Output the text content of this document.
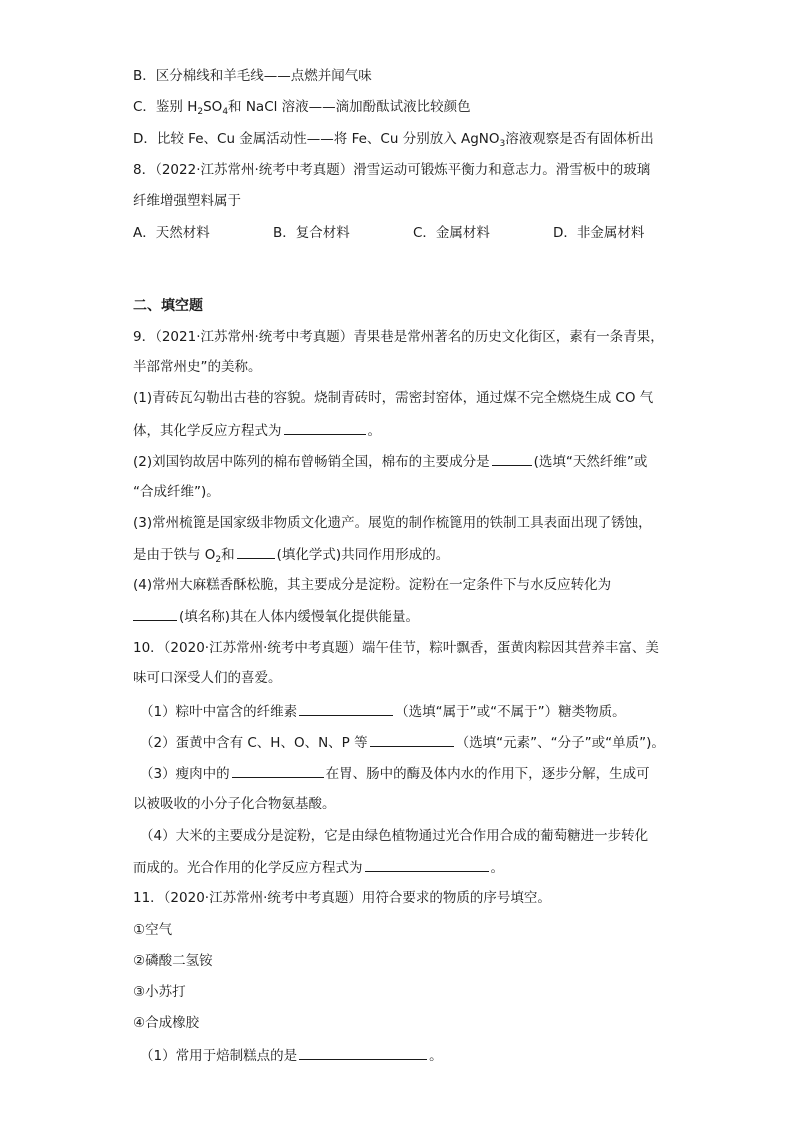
B．区分棉线和羊毛线——点燃并闻气味
C．鉴别 $H_2SO_4$和 NaCl 溶液——滴加酚酞试液比较颜色
D．比较 Fe、Cu 金属活动性——将 Fe、Cu 分别放入 AgNO$_3$溶液观察是否有固体析出
8．（2022·江苏常州·统考中考真题）滑雪运动可锻炼平衡力和意志力。滑雪板中的玻璃
纤维增强塑料属于
A．天然材料	B．复合材料	C．金属材料	D．非金属材料
二、填空题
9．（2021·江苏常州·统考中考真题）青果巷是常州著名的历史文化街区，素有一条青果，
半部常州史”的美称。
(1)青砖瓦勾勒出古巷的容貌。烧制青砖时，需密封窑体，通过煤不完全燃烧生成 CO 气
体，其化学反应方程式为	。
(2)刘国钧故居中陈列的棉布曾畅销全国，棉布的主要成分是	(选填“天然纤维”或
“合成纤维”)。
(3)常州梳篦是国家级非物质文化遗产。展览的制作梳篦用的铁制工具表面出现了锈蚀，
是由于铁与 $O_2$和	(填化学式)共同作用形成的。
(4)常州大麻糕香酥松脆，其主要成分是淀粉。淀粉在一定条件下与水反应转化为
(填名称)其在人体内缓慢氧化提供能量。
10．（2020·江苏常州·统考中考真题）端午佳节，粽叶飘香，蛋黄肉粽因其营养丰富、美
味可口深受人们的喜爱。
（1）粽叶中富含的纤维素	（选填“属于”或“不属于”）糖类物质。
（2）蛋黄中含有 C、H、O、N、P 等	（选填“元素”、“分子”或“单质”)。
（3）瘦肉中的	在胃、肠中的酶及体内水的作用下，逐步分解，生成可
以被吸收的小分子化合物氨基酸。
（4）大米的主要成分是淀粉，它是由绿色植物通过光合作用合成的葡萄糖进一步转化
而成的。光合作用的化学反应方程式为	。
11．（2020·江苏常州·统考中考真题）用符合要求的物质的序号填空。
①空气
②磷酸二氢铵
③小苏打
④合成橡胶
（1）常用于焙制糕点的是	。
